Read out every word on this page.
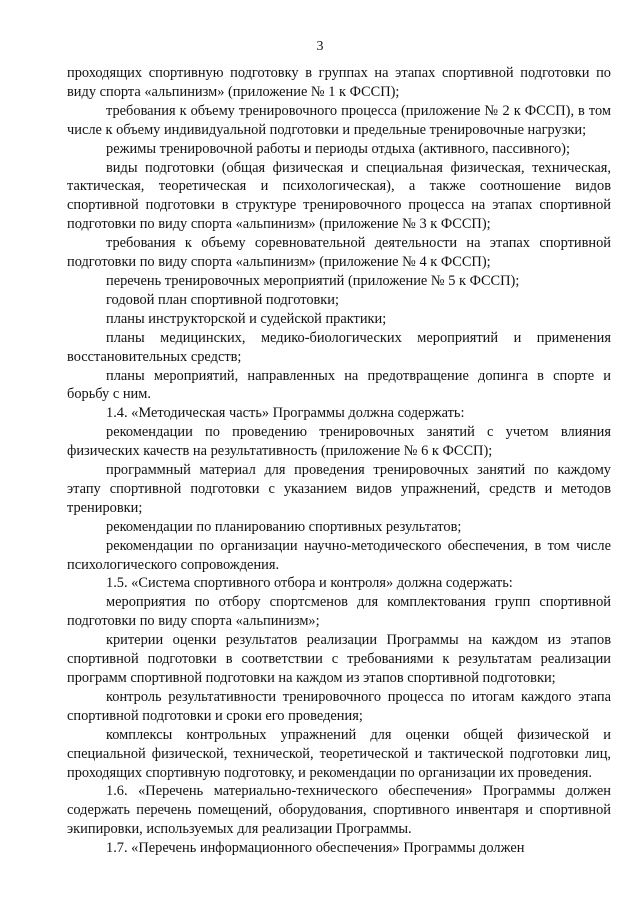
3

проходящих спортивную подготовку в группах на этапах спортивной подготовки по виду спорта «альпинизм» (приложение № 1 к ФССП);

требования к объему тренировочного процесса (приложение № 2 к ФССП), в том числе к объему индивидуальной подготовки и предельные тренировочные нагрузки;

режимы тренировочной работы и периоды отдыха (активного, пассивного);

виды подготовки (общая физическая и специальная физическая, техническая, тактическая, теоретическая и психологическая), а также соотношение видов спортивной подготовки в структуре тренировочного процесса на этапах спортивной подготовки по виду спорта «альпинизм» (приложение № 3 к ФССП);

требования к объему соревновательной деятельности на этапах спортивной подготовки по виду спорта «альпинизм» (приложение № 4 к ФССП);

перечень тренировочных мероприятий (приложение № 5 к ФССП);

годовой план спортивной подготовки;

планы инструкторской и судейской практики;

планы медицинских, медико-биологических мероприятий и применения восстановительных средств;

планы мероприятий, направленных на предотвращение допинга в спорте и борьбу с ним.

1.4. «Методическая часть» Программы должна содержать:

рекомендации по проведению тренировочных занятий с учетом влияния физических качеств на результативность (приложение № 6 к ФССП);

программный материал для проведения тренировочных занятий по каждому этапу спортивной подготовки с указанием видов упражнений, средств и методов тренировки;

рекомендации по планированию спортивных результатов;

рекомендации по организации научно-методического обеспечения, в том числе психологического сопровождения.

1.5. «Система спортивного отбора и контроля» должна содержать:

мероприятия по отбору спортсменов для комплектования групп спортивной подготовки по виду спорта «альпинизм»;

критерии оценки результатов реализации Программы на каждом из этапов спортивной подготовки в соответствии с требованиями к результатам реализации программ спортивной подготовки на каждом из этапов спортивной подготовки;

контроль результативности тренировочного процесса по итогам каждого этапа спортивной подготовки и сроки его проведения;

комплексы контрольных упражнений для оценки общей физической и специальной физической, технической, теоретической и тактической подготовки лиц, проходящих спортивную подготовку, и рекомендации по организации их проведения.

1.6. «Перечень материально-технического обеспечения» Программы должен содержать перечень помещений, оборудования, спортивного инвентаря и спортивной экипировки, используемых для реализации Программы.

1.7. «Перечень информационного обеспечения» Программы должен
